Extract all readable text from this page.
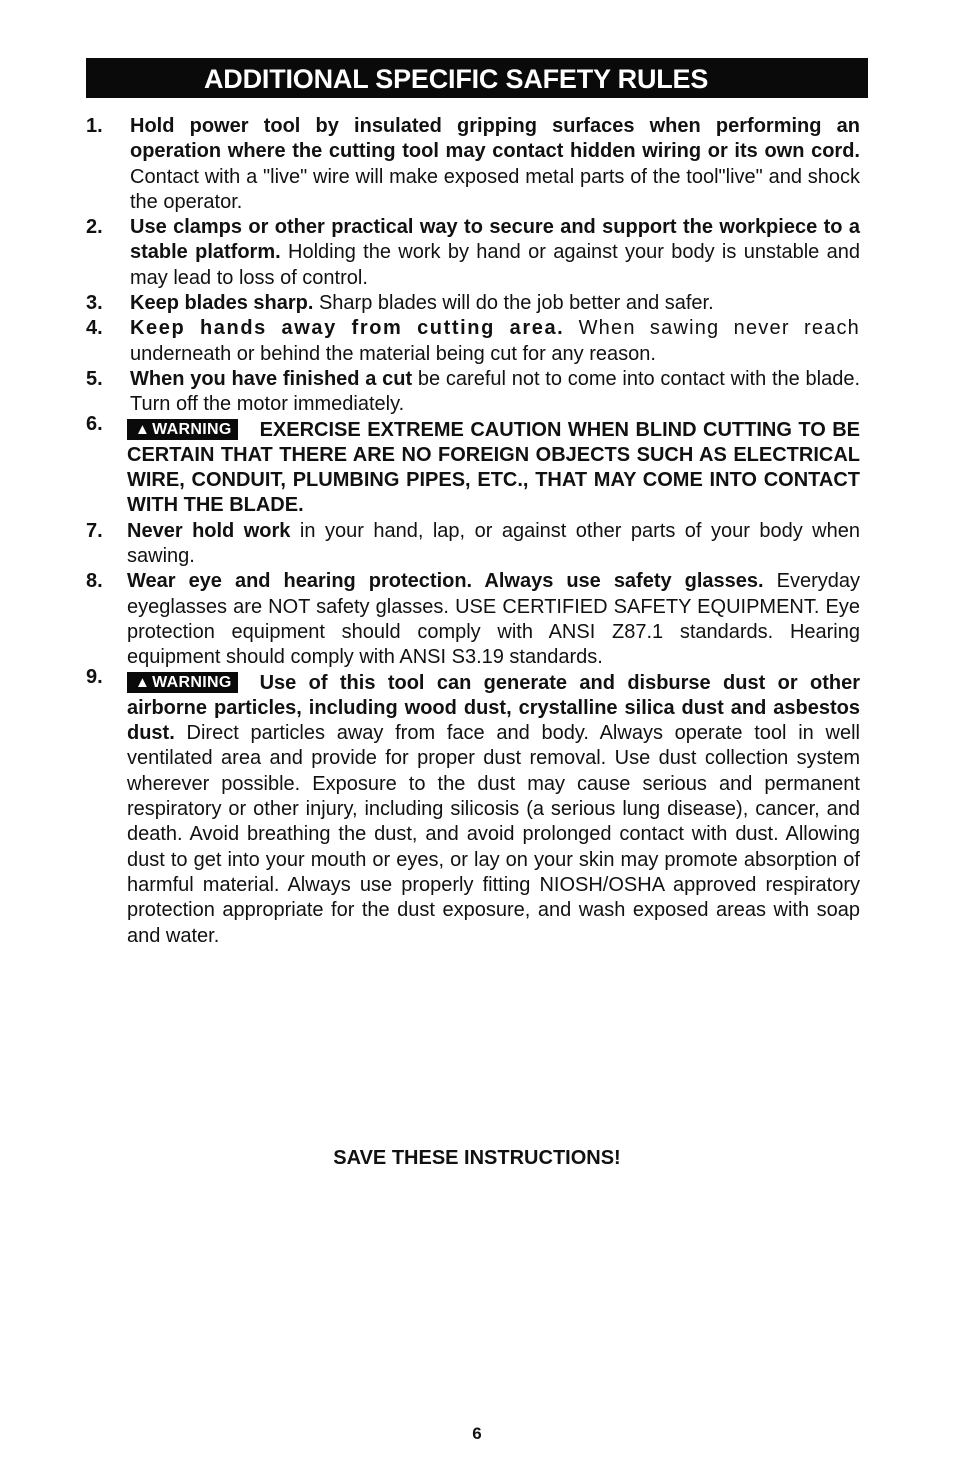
ADDITIONAL SPECIFIC SAFETY RULES
1.	Hold power tool by insulated gripping surfaces when performing an operation where the cutting tool may contact hidden wiring or its own cord. Contact with a "live" wire will make exposed metal parts of the tool"live" and shock the operator.
2.	Use clamps or other practical way to secure and support the workpiece to a stable platform. Holding the work by hand or against your body is unstable and may lead to loss of control.
3.	Keep blades sharp. Sharp blades will do the job better and safer.
4.	Keep hands away from cutting area. When sawing never reach underneath or behind the material being cut for any reason.
5.	When you have finished a cut be careful not to come into contact with the blade. Turn off the motor immediately.
6.	▲ WARNING EXERCISE EXTREME CAUTION WHEN BLIND CUTTING TO BE CERTAIN THAT THERE ARE NO FOREIGN OBJECTS SUCH AS ELECTRICAL WIRE, CONDUIT, PLUMBING PIPES, ETC., THAT MAY COME INTO CONTACT WITH THE BLADE.
7.	Never hold work in your hand, lap, or against other parts of your body when sawing.
8.	Wear eye and hearing protection. Always use safety glasses. Everyday eyeglasses are NOT safety glasses. USE CERTIFIED SAFETY EQUIPMENT. Eye protection equipment should comply with ANSI Z87.1 standards. Hearing equipment should comply with ANSI S3.19 standards.
9.	▲ WARNING Use of this tool can generate and disburse dust or other airborne particles, including wood dust, crystalline silica dust and asbestos dust. Direct particles away from face and body. Always operate tool in well ventilated area and provide for proper dust removal. Use dust collection system wherever possible. Exposure to the dust may cause serious and permanent respiratory or other injury, including silicosis (a serious lung disease), cancer, and death. Avoid breathing the dust, and avoid prolonged contact with dust. Allowing dust to get into your mouth or eyes, or lay on your skin may promote absorption of harmful material. Always use properly fitting NIOSH/OSHA approved respiratory protection appropriate for the dust exposure, and wash exposed areas with soap and water.
SAVE THESE INSTRUCTIONS!
6
